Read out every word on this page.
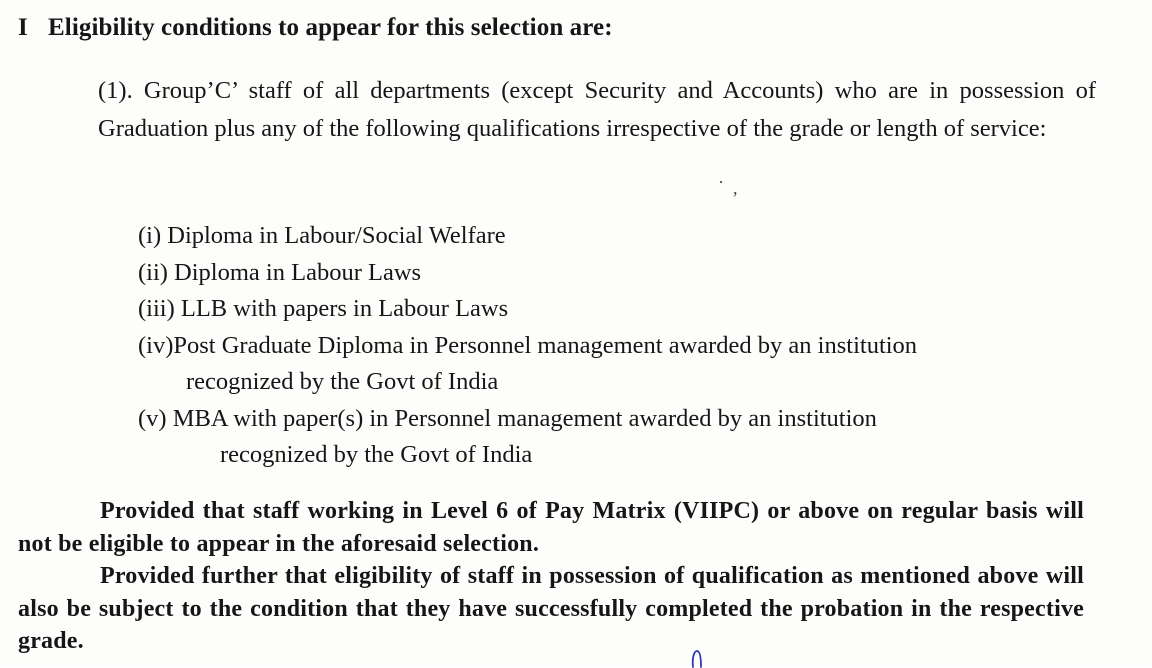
I Eligibility conditions to appear for this selection are:
(1). Group’C’ staff of all departments (except Security and Accounts) who are in possession of Graduation plus any of the following qualifications irrespective of the grade or length of service:
(i) Diploma in Labour/Social Welfare
(ii) Diploma in Labour Laws
(iii) LLB with papers in Labour Laws
(iv)Post Graduate Diploma in Personnel management awarded by an institution
recognized by the Govt of India
(v) MBA with paper(s) in Personnel management awarded by an institution
recognized by the Govt of India

Provided that staff working in Level 6 of Pay Matrix (VIIPC) or above on regular basis will not be eligible to appear in the aforesaid selection.

Provided further that eligibility of staff in possession of qualification as mentioned above will also be subject to the condition that they have successfully completed the probation in the respective grade.

· ,
